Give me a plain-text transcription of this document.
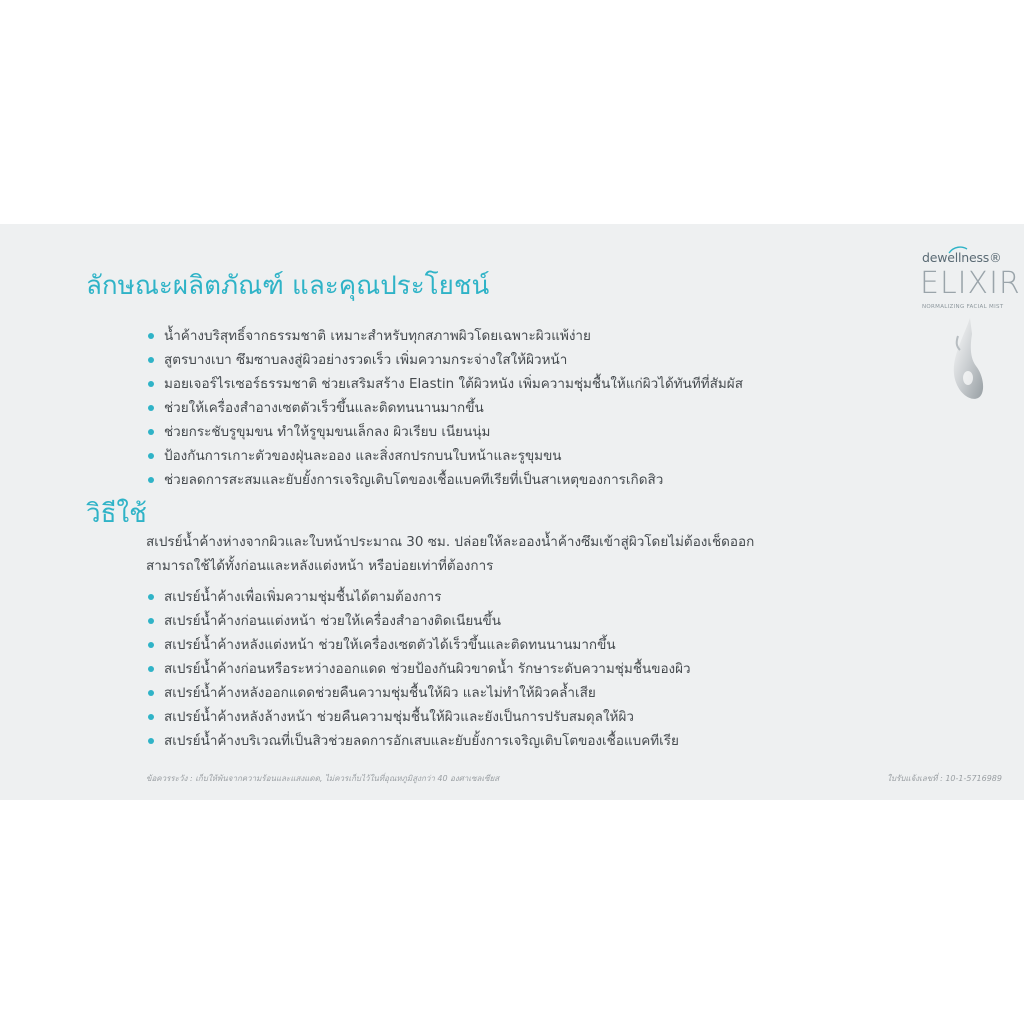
dewellness®
ELIXIR
NORMALIZING FACIAL MIST
ลักษณะผลิตภัณฑ์ และคุณประโยชน์
น้ำค้างบริสุทธิ์จากธรรมชาติ เหมาะสำหรับทุกสภาพผิวโดยเฉพาะผิวแพ้ง่าย
สูตรบางเบา ซึมซาบลงสู่ผิวอย่างรวดเร็ว เพิ่มความกระจ่างใสให้ผิวหน้า
มอยเจอร์ไรเซอร์ธรรมชาติ ช่วยเสริมสร้าง Elastin ใต้ผิวหนัง เพิ่มความชุ่มชื้นให้แก่ผิวได้ทันทีที่สัมผัส
ช่วยให้เครื่องสำอางเซตตัวเร็วขึ้นและติดทนนานมากขึ้น
ช่วยกระชับรูขุมขน ทำให้รูขุมขนเล็กลง ผิวเรียบ เนียนนุ่ม
ป้องกันการเกาะตัวของฝุ่นละออง และสิ่งสกปรกบนใบหน้าและรูขุมขน
ช่วยลดการสะสมและยับยั้งการเจริญเติบโตของเชื้อแบคทีเรียที่เป็นสาเหตุของการเกิดสิว
วิธีใช้

สเปรย์น้ำค้างห่างจากผิวและใบหน้าประมาณ 30 ซม. ปล่อยให้ละอองน้ำค้างซึมเข้าสู่ผิวโดยไม่ต้องเช็ดออก
สามารถใช้ได้ทั้งก่อนและหลังแต่งหน้า หรือบ่อยเท่าที่ต้องการ

สเปรย์น้ำค้างเพื่อเพิ่มความชุ่มชื้นได้ตามต้องการ
สเปรย์น้ำค้างก่อนแต่งหน้า ช่วยให้เครื่องสำอางติดเนียนขึ้น
สเปรย์น้ำค้างหลังแต่งหน้า ช่วยให้เครื่องเซตตัวได้เร็วขึ้นและติดทนนานมากขึ้น
สเปรย์น้ำค้างก่อนหรือระหว่างออกแดด ช่วยป้องกันผิวขาดน้ำ รักษาระดับความชุ่มชื้นของผิว
สเปรย์น้ำค้างหลังออกแดดช่วยคืนความชุ่มชื้นให้ผิว และไม่ทำให้ผิวคล้ำเสีย
สเปรย์น้ำค้างหลังล้างหน้า ช่วยคืนความชุ่มชื้นให้ผิวและยังเป็นการปรับสมดุลให้ผิว
สเปรย์น้ำค้างบริเวณที่เป็นสิวช่วยลดการอักเสบและยับยั้งการเจริญเติบโตของเชื้อแบคทีเรีย

ข้อควรระวัง : เก็บให้พ้นจากความร้อนและแสงแดด, ไม่ควรเก็บไว้ในที่อุณหภูมิสูงกว่า 40 องศาเซลเซียส	ใบรับแจ้งเลขที่ : 10-1-5716989
